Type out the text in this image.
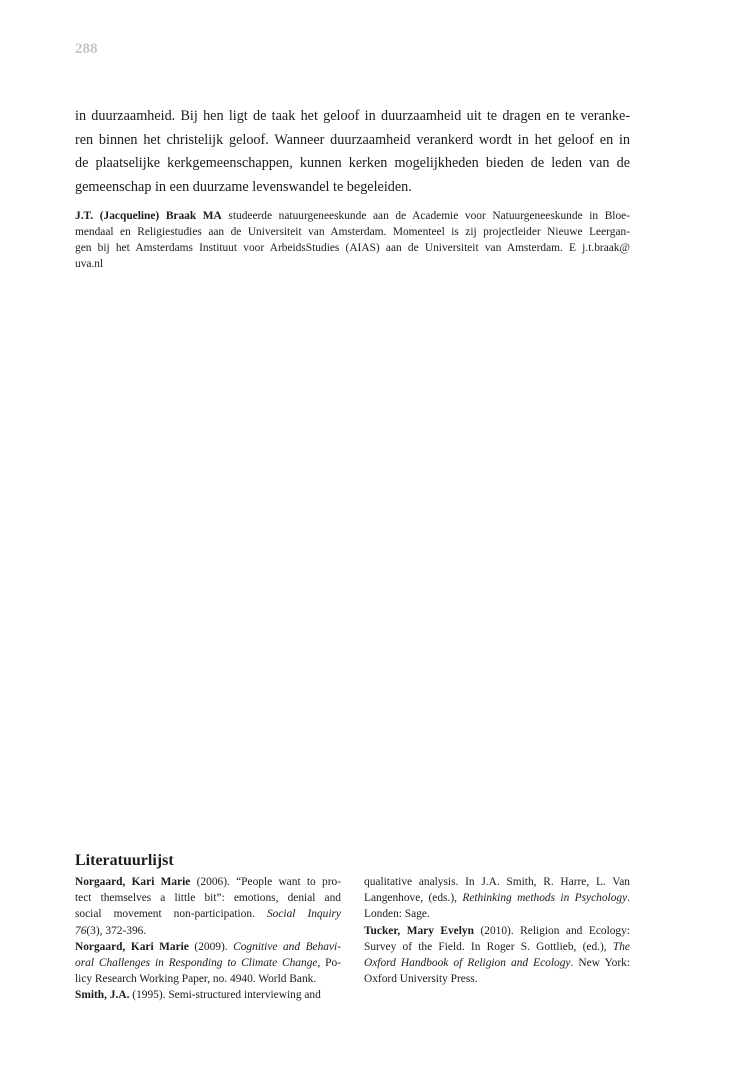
288

in duurzaamheid. Bij hen ligt de taak het geloof in duurzaamheid uit te dragen en te veranke-
ren binnen het christelijk geloof. Wanneer duurzaamheid verankerd wordt in het geloof en in
de plaatselijke kerkgemeenschappen, kunnen kerken mogelijkheden bieden de leden van de
gemeenschap in een duurzame levenswandel te begeleiden.

J.T. (Jacqueline) Braak MA studeerde natuurgeneeskunde aan de Academie voor Natuurgeneeskunde in Bloe-
mendaal en Religiestudies aan de Universiteit van Amsterdam. Momenteel is zij projectleider Nieuwe Leergan-
gen bij het Amsterdams Instituut voor ArbeidsStudies (AIAS) aan de Universiteit van Amsterdam. E j.t.braak@
uva.nl

Literatuurlijst
Norgaard, Kari Marie (2006). “People want to pro-
tect themselves a little bit”: emotions, denial and
social movement non-participation. Social Inquiry
76(3), 372-396.
Norgaard, Kari Marie (2009). Cognitive and Behavi-
oral Challenges in Responding to Climate Change, Po-
licy Research Working Paper, no. 4940. World Bank.
Smith, J.A. (1995). Semi-structured interviewing and
qualitative analysis. In J.A. Smith, R. Harre, L. Van
Langenhove, (eds.), Rethinking methods in Psychology.
Londen: Sage.
Tucker, Mary Evelyn (2010). Religion and Ecology:
Survey of the Field. In Roger S. Gottlieb, (ed.), The
Oxford Handbook of Religion and Ecology. New York:
Oxford University Press.
